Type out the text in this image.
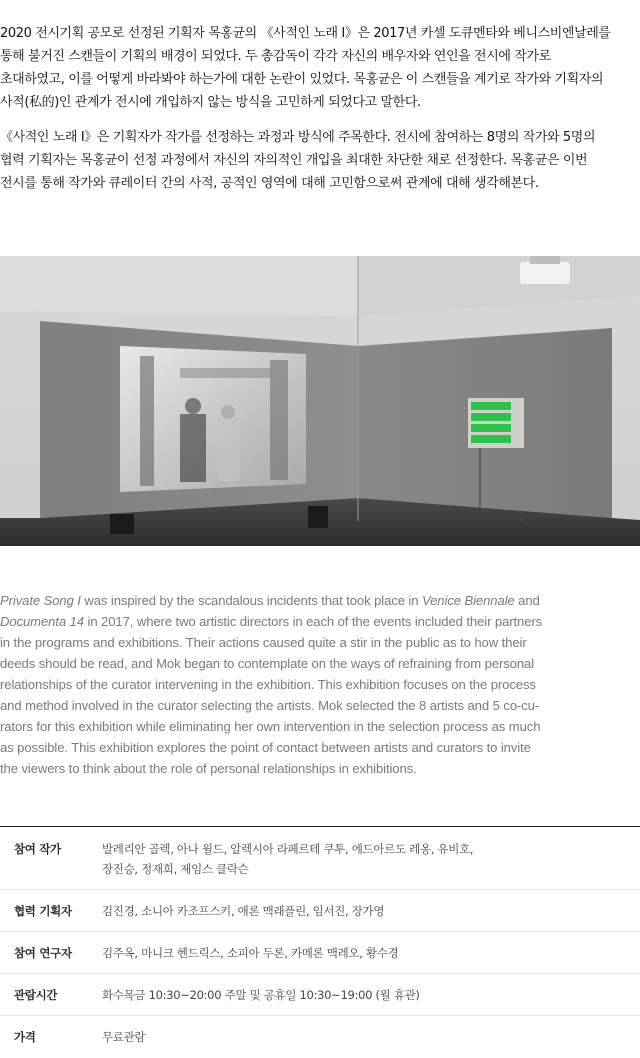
2020 전시기획 공모로 선정된 기획자 목홍균의 《사적인 노래 Ⅰ》은 2017년 카셀 도큐멘타와 베니스비엔날레를
통해 불거진 스캔들이 기획의 배경이 되었다. 두 총감독이 각각 자신의 배우자와 연인을 전시에 작가로
초대하였고, 이를 어떻게 바라봐야 하는가에 대한 논란이 있었다. 목홍균은 이 스캔들을 계기로 작가와 기획자의
사적(私的)인 관계가 전시에 개입하지 않는 방식을 고민하게 되었다고 말한다.

《사적인 노래 Ⅰ》은 기획자가 작가를 선정하는 과정과 방식에 주목한다. 전시에 참여하는 8명의 작가와 5명의
협력 기획자는 목홍균이 선정 과정에서 자신의 자의적인 개입을 최대한 차단한 채로 선정한다. 목홍균은 이번
전시를 통해 작가와 큐레이터 간의 사적, 공적인 영역에 대해 고민함으로써 관계에 대해 생각해본다.

Private Song I was inspired by the scandalous incidents that took place in Venice Biennale and
Documenta 14 in 2017, where two artistic directors in each of the events included their partners
in the programs and exhibitions. Their actions caused quite a stir in the public as to how their
deeds should be read, and Mok began to contemplate on the ways of refraining from personal
relationships of the curator intervening in the exhibition. This exhibition focuses on the process
and method involved in the curator selecting the artists. Mok selected the 8 artists and 5 co-cu-
rators for this exhibition while eliminating her own intervention in the selection process as much
as possible. This exhibition explores the point of contact between artists and curators to invite
the viewers to think about the role of personal relationships in exhibitions.

참여 작가	발레리안 골렉, 아나 윌드, 알렉시아 라페르테 쿠투, 에드아르도 레옹, 유비호,
장진승, 정재희, 제임스 클락슨
협력 기획자	김진경, 소니아 카조프스키, 애론 맥래플린, 임서진, 장가영
참여 연구자	김주옥, 마니크 헨드릭스, 소피아 두론, 카메론 맥레오, 황수경
관람시간	화수목금 10:30~20:00 주말 및 공휴일 10:30~19:00 (월 휴관)
가격	무료관람
